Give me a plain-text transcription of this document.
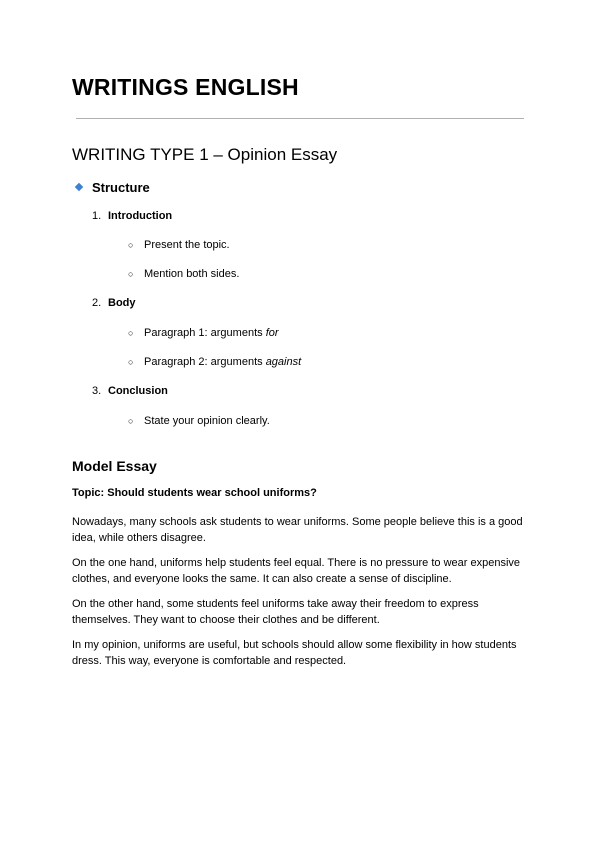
WRITINGS ENGLISH
WRITING TYPE 1 – Opinion Essay
Structure
1. Introduction
○ Present the topic.
○ Mention both sides.
2. Body
○ Paragraph 1: arguments for
○ Paragraph 2: arguments against
3. Conclusion
○ State your opinion clearly.
Model Essay
Topic: Should students wear school uniforms?

Nowadays, many schools ask students to wear uniforms. Some people believe this is a good idea, while others disagree.

On the one hand, uniforms help students feel equal. There is no pressure to wear expensive clothes, and everyone looks the same. It can also create a sense of discipline.

On the other hand, some students feel uniforms take away their freedom to express themselves. They want to choose their clothes and be different.

In my opinion, uniforms are useful, but schools should allow some flexibility in how students dress. This way, everyone is comfortable and respected.
